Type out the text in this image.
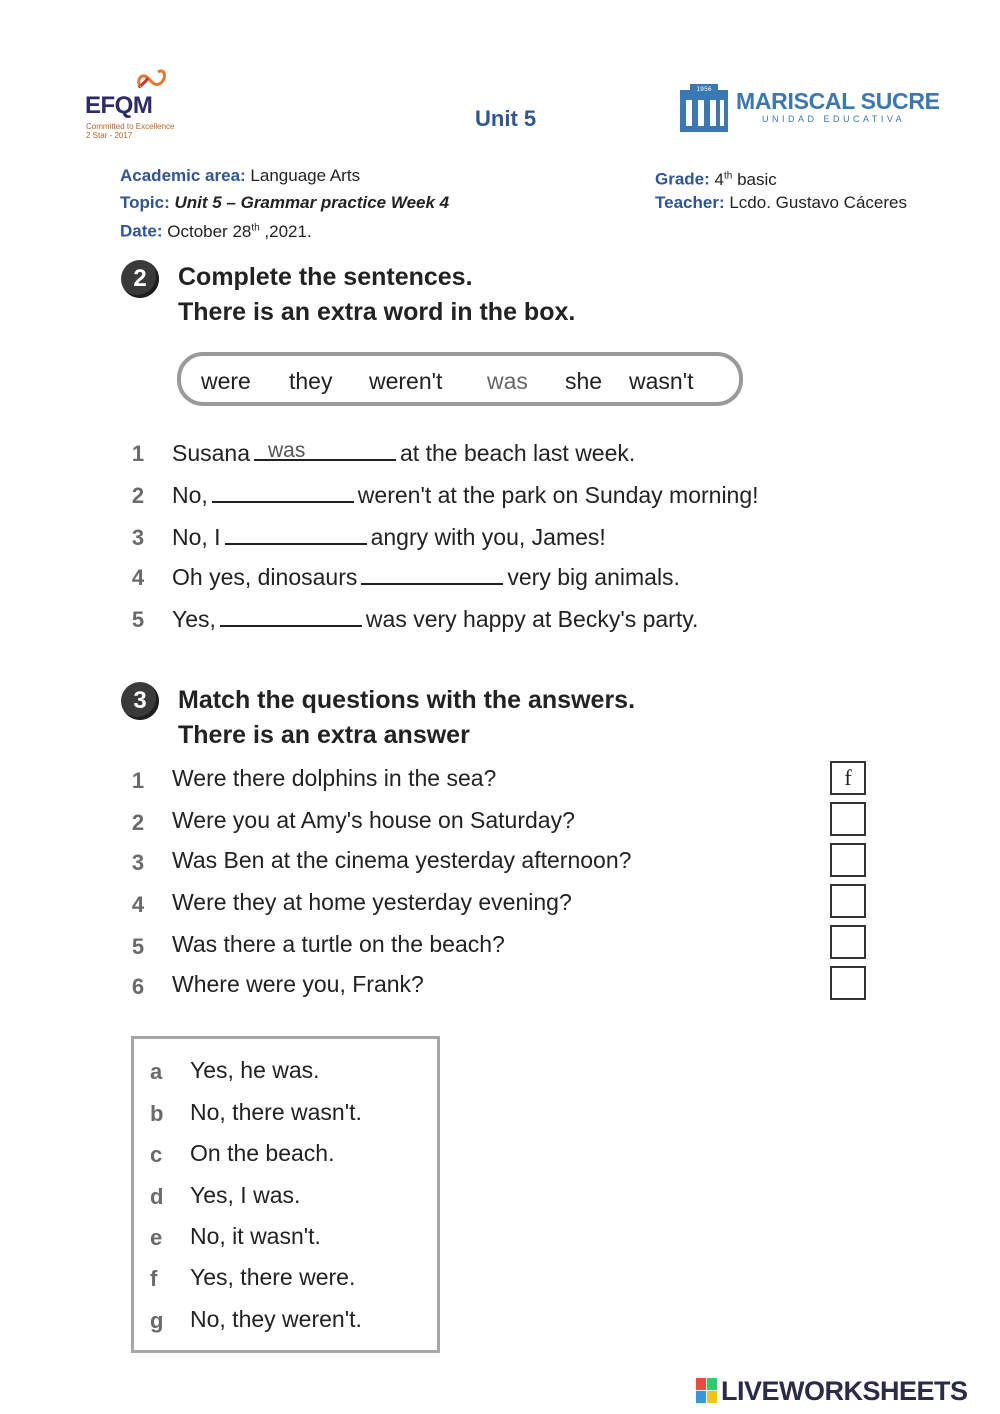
EFQM
Committed to Excellence
2 Star - 2017
Unit 5
1956 MARISCAL SUCRE
UNIDAD EDUCATIVA
Academic area: Language Arts
Topic: Unit 5 – Grammar practice Week 4
Date: October 28th ,2021.
Grade: 4th basic
Teacher: Lcdo. Gustavo Cáceres
2	Complete the sentences.
There is an extra word in the box.
were they weren't was she wasn't
1 Susana was	at the beach last week.
2 No,	weren't at the park on Sunday morning!
3 No, I	angry with you, James!
4 Oh yes, dinosaurs	very big animals.
5 Yes,	was very happy at Becky's party.
3	Match the questions with the answers.
There is an extra answer
1 Were there dolphins in the sea?	f
2 Were you at Amy's house on Saturday?
3 Was Ben at the cinema yesterday afternoon?
4 Were they at home yesterday evening?
5 Was there a turtle on the beach?
6 Where were you, Frank?
a Yes, he was.
b No, there wasn't.
c On the beach.
d Yes, I was.
e No, it wasn't.
f Yes, there were.
g No, they weren't.
LIVEWORKSHEETS
